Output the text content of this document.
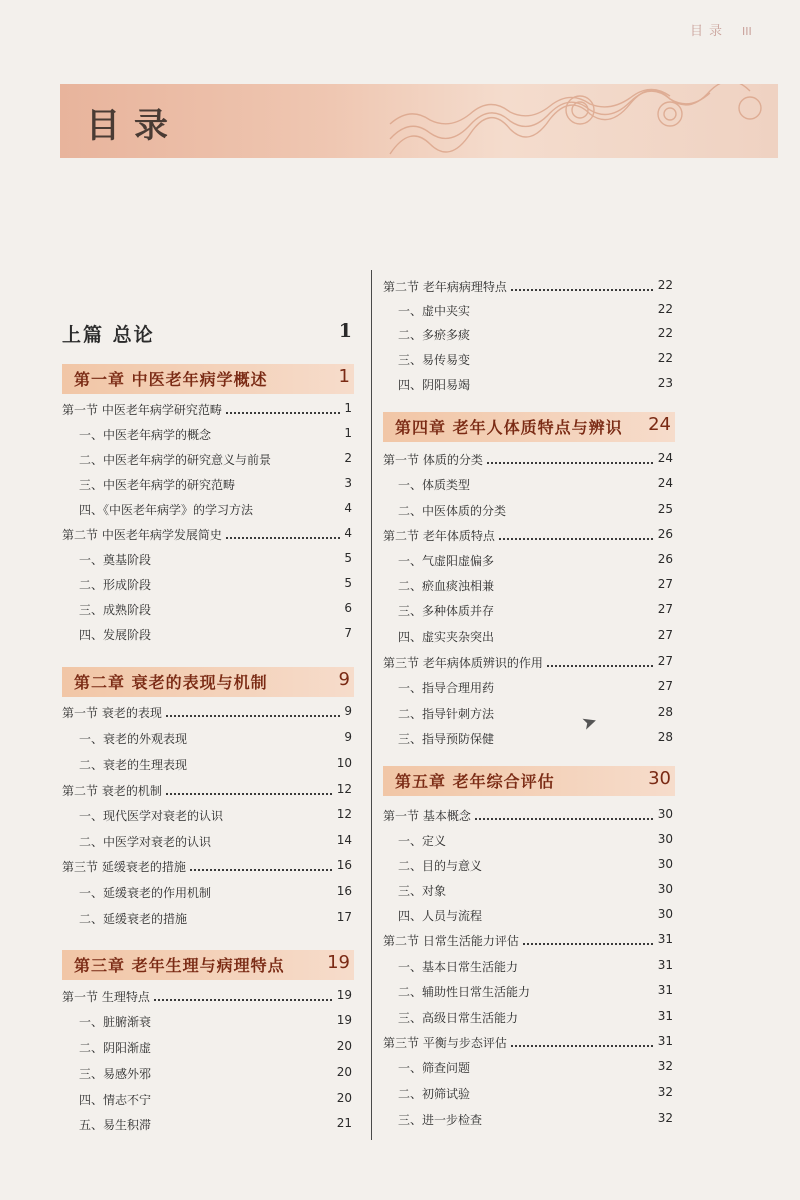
目录 III
目录
上篇 总论	1
第一章 中医老年病学概述	1
第一节 中医老年病学研究范畴	1
一、中医老年病学的概念	1
二、中医老年病学的研究意义与前景	2
三、中医老年病学的研究范畴	3
四、《中医老年病学》的学习方法	4
第二节 中医老年病学发展简史	4
一、奠基阶段	5
二、形成阶段	5
三、成熟阶段	6
四、发展阶段	7
第二章 衰老的表现与机制	9
第一节 衰老的表现	9
一、衰老的外观表现	9
二、衰老的生理表现	10
第二节 衰老的机制	12
一、现代医学对衰老的认识	12
二、中医学对衰老的认识	14
第三节 延缓衰老的措施	16
一、延缓衰老的作用机制	16
二、延缓衰老的措施	17
第三章 老年生理与病理特点 19
第一节 生理特点	19
一、脏腑渐衰	19
二、阴阳渐虚	20
三、易感外邪	20
四、情志不宁	20
五、易生积滞	21
第二节 老年病病理特点	22
一、虚中夹实	22
二、多瘀多痰	22
三、易传易变	22
四、阴阳易竭	23
第四章 老年人体质特点与辨识 24
第一节 体质的分类	24
一、体质类型	24
二、中医体质的分类	25
第二节 老年体质特点	26
一、气虚阳虚偏多	26
二、瘀血痰浊相兼	27
三、多种体质并存	27
四、虚实夹杂突出	27
第三节 老年病体质辨识的作用	27
一、指导合理用药	27
二、指导针刺方法	28
三、指导预防保健	28
第五章 老年综合评估	30
第一节 基本概念	30
一、定义	30
二、目的与意义	30
三、对象	30
四、人员与流程	30
第二节 日常生活能力评估	31
一、基本日常生活能力	31
二、辅助性日常生活能力	31
三、高级日常生活能力	31
第三节 平衡与步态评估	31
一、筛查问题	32
二、初筛试验	32
三、进一步检查	32
➤
